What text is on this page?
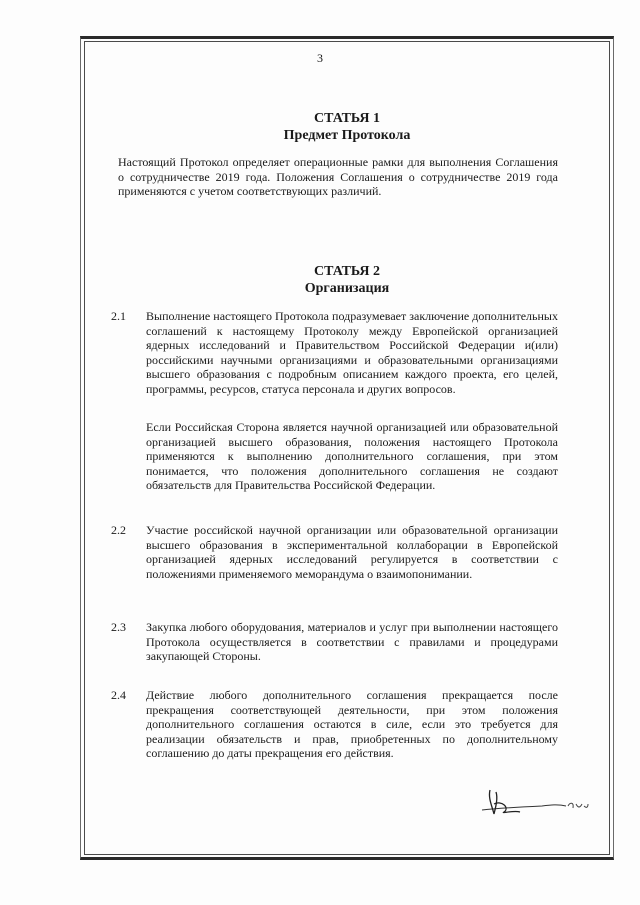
3
СТАТЬЯ 1
Предмет Протокола
Настоящий Протокол определяет операционные рамки для выполнения Соглашения о сотрудничестве 2019 года. Положения Соглашения о сотрудничестве 2019 года применяются с учетом соответствующих различий.
СТАТЬЯ 2
Организация
2.1 Выполнение настоящего Протокола подразумевает заключение дополнительных соглашений к настоящему Протоколу между Европейской организацией ядерных исследований и Правительством Российской Федерации и(или) российскими научными организациями и образовательными организациями высшего образования с подробным описанием каждого проекта, его целей, программы, ресурсов, статуса персонала и других вопросов.
Если Российская Сторона является научной организацией или образовательной организацией высшего образования, положения настоящего Протокола применяются к выполнению дополнительного соглашения, при этом понимается, что положения дополнительного соглашения не создают обязательств для Правительства Российской Федерации.
2.2 Участие российской научной организации или образовательной организации высшего образования в экспериментальной коллаборации в Европейской организацией ядерных исследований регулируется в соответствии с положениями применяемого меморандума о взаимопонимании.
2.3 Закупка любого оборудования, материалов и услуг при выполнении настоящего Протокола осуществляется в соответствии с правилами и процедурами закупающей Стороны.
2.4 Действие любого дополнительного соглашения прекращается после прекращения соответствующей деятельности, при этом положения дополнительного соглашения остаются в силе, если это требуется для реализации обязательств и прав, приобретенных по дополнительному соглашению до даты прекращения его действия.
